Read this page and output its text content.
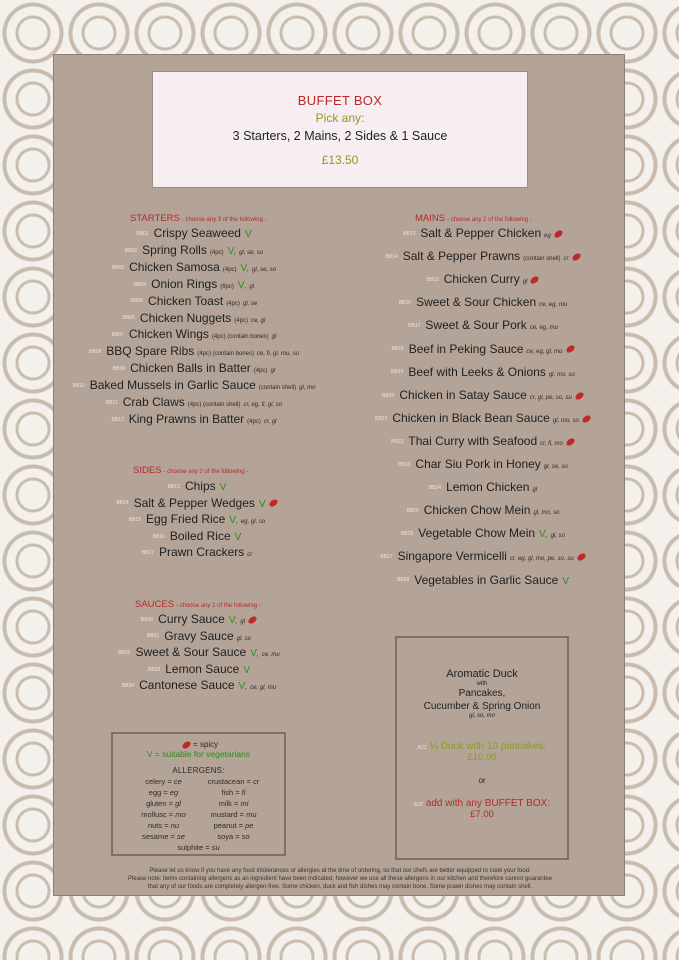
BUFFET BOX
Pick any:
3 Starters, 2 Mains, 2 Sides & 1 Sauce
£13.50
STARTERS - choose any 3 of the following -
BB01 Crispy Seaweed V
BB02 Spring Rolls (4pc) V, gl, se, so
BB03 Chicken Samosa (4pc) V, gl, se, so
BB04 Onion Rings (6pc) V, gl
BB05 Chicken Toast (4pc) gl, se
BB06 Chicken Nuggets (4pc) ce, gl
BB07 Chicken Wings (4pc) (contain bones) gl
BB08 BBQ Spare Ribs (4pc) (contain bones) ce, fi, gl, mu, so
BB09 Chicken Balls in Batter (4pc) gl
BB10 Baked Mussels in Garlic Sauce (contain shell) gl, mo
BB11 Crab Claws (4pc) (contain shell) cr, eg, fi, gl, so
BB12 King Prawns in Batter (4pc) cr, gl
SIDES - choose any 2 of the following -
BB13 Chips V
BB14 Salt & Pepper Wedges V
BB15 Egg Fried Rice V, eg, gl, so
BB16 Boiled Rice V
BB17 Prawn Crackers cr
SAUCES - choose any 1 of the following -
BB30 Curry Sauce V, gl
BB31 Gravy Sauce gl, so
BB32 Sweet & Sour Sauce V, ce, mu
BB33 Lemon Sauce V
BB34 Cantonese Sauce V, ce, gl, mu
MAINS - choose any 2 of the following -
BB13 Salt & Pepper Chicken eg
BB14 Salt & Pepper Prawns (contain shell) cr
BB15 Chicken Curry gl
BB16 Sweet & Sour Chicken ce, eg, mu
BB17 Sweet & Sour Pork ce, eg, mu
BB18 Beef in Peking Sauce ce, eg, gl, mu
BB19 Beef with Leeks & Onions gl, mo, so
BB20 Chicken in Satay Sauce cr, gl, pe, so, su
BB21 Chicken in Black Bean Sauce gl, mo, so
BB22 Thai Curry with Seafood cr, fi, mo
BB23 Char Siu Pork in Honey gl, se, so
BB24 Lemon Chicken gl
BB25 Chicken Chow Mein gl, mo, so
BB26 Vegetable Chow Mein V, gl, so
BB27 Singapore Vermicelli cr, eg, gl, mo, pe, so, su
BB28 Vegetables in Garlic Sauce V
= spicy
V = suitable for vegetarians
ALLERGENS:
celery = ce	crustacean = cr
egg = eg	fish = fi
gluten = gl	milk = mi
mollusc = mo	mustard = mu
nuts = nu	peanut = pe
sesame = se	soya = so
sulphite = su
Aromatic Duck
with
Pancakes,
Cucumber & Spring Onion
gl, so, mo
A21 ¼ Duck with 10 pancakes:
£10.00
or
A22 add with any BUFFET BOX:
£7.00
Please let us know if you have any food intolerances or allergies at the time of ordering, so that our chefs are better equipped to cook your food.
Please note: items containing allergens as an ingredient have been indicated, however we use all these allergens in our kitchen and therefore cannot guarantee
that any of our foods are completely allergen-free. Some chicken, duck and fish dishes may contain bone. Some prawn dishes may contain shell.
